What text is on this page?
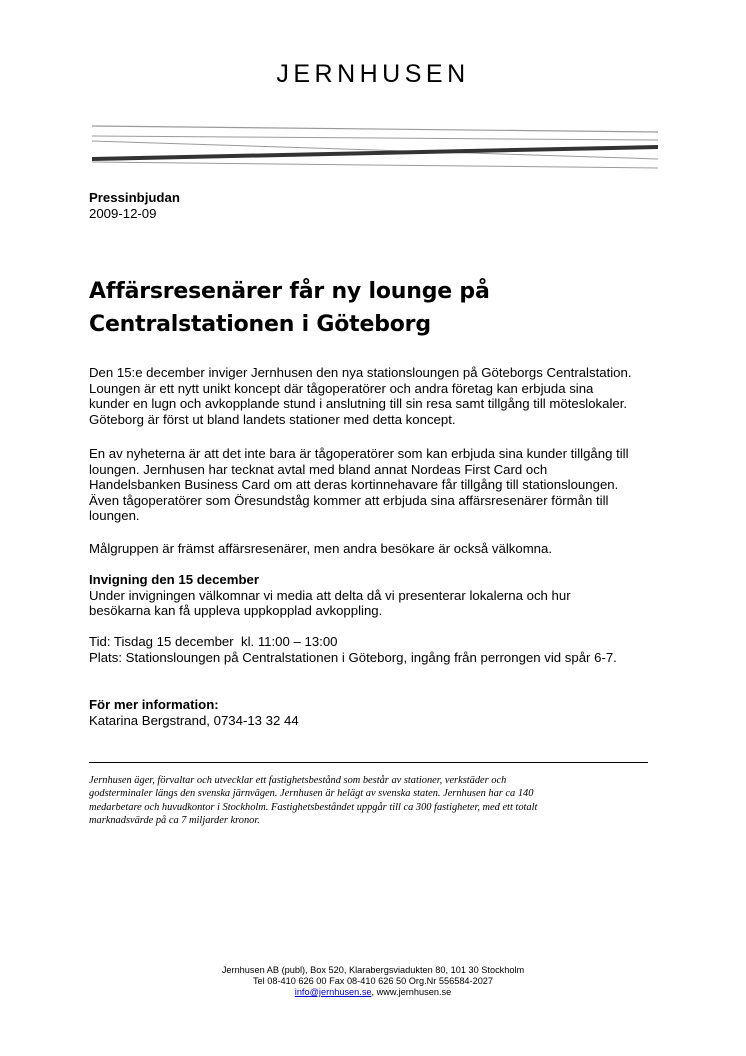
JERNHUSEN
Pressinbjudan
2009-12-09
Affärsresenärer får ny lounge på
Centralstationen i Göteborg

Den 15:e december inviger Jernhusen den nya stationsloungen på Göteborgs Centralstation.

Loungen är ett nytt unikt koncept där tågoperatörer och andra företag kan erbjuda sina

kunder en lugn och avkopplande stund i anslutning till sin resa samt tillgång till möteslokaler.

Göteborg är först ut bland landets stationer med detta koncept.

En av nyheterna är att det inte bara är tågoperatörer som kan erbjuda sina kunder tillgång till

loungen. Jernhusen har tecknat avtal med bland annat Nordeas First Card och

Handelsbanken Business Card om att deras kortinnehavare får tillgång till stationsloungen.

Även tågoperatörer som Öresundståg kommer att erbjuda sina affärsresenärer förmån till

loungen.

Målgruppen är främst affärsresenärer, men andra besökare är också välkomna.

Invigning den 15 december

Under invigningen välkomnar vi media att delta då vi presenterar lokalerna och hur

besökarna kan få uppleva uppkopplad avkoppling.

Tid: Tisdag 15 december  kl. 11:00 – 13:00

Plats: Stationsloungen på Centralstationen i Göteborg, ingång från perrongen vid spår 6-7.

För mer information:

Katarina Bergstrand, 0734-13 32 44

Jernhusen äger, förvaltar och utvecklar ett fastighetsbestånd som består av stationer, verkstäder och
godsterminaler längs den svenska järnvägen. Jernhusen är helägt av svenska staten. Jernhusen har ca 140
medarbetare och huvudkontor i Stockholm. Fastighetsbeståndet uppgår till ca 300 fastigheter, med ett totalt
marknadsvärde på ca 7 miljarder kronor.
Jernhusen AB (publ), Box 520, Klarabergsviadukten 80, 101 30 Stockholm
Tel 08-410 626 00 Fax 08-410 626 50 Org.Nr 556584-2027
info@jernhusen.se, www.jernhusen.se
